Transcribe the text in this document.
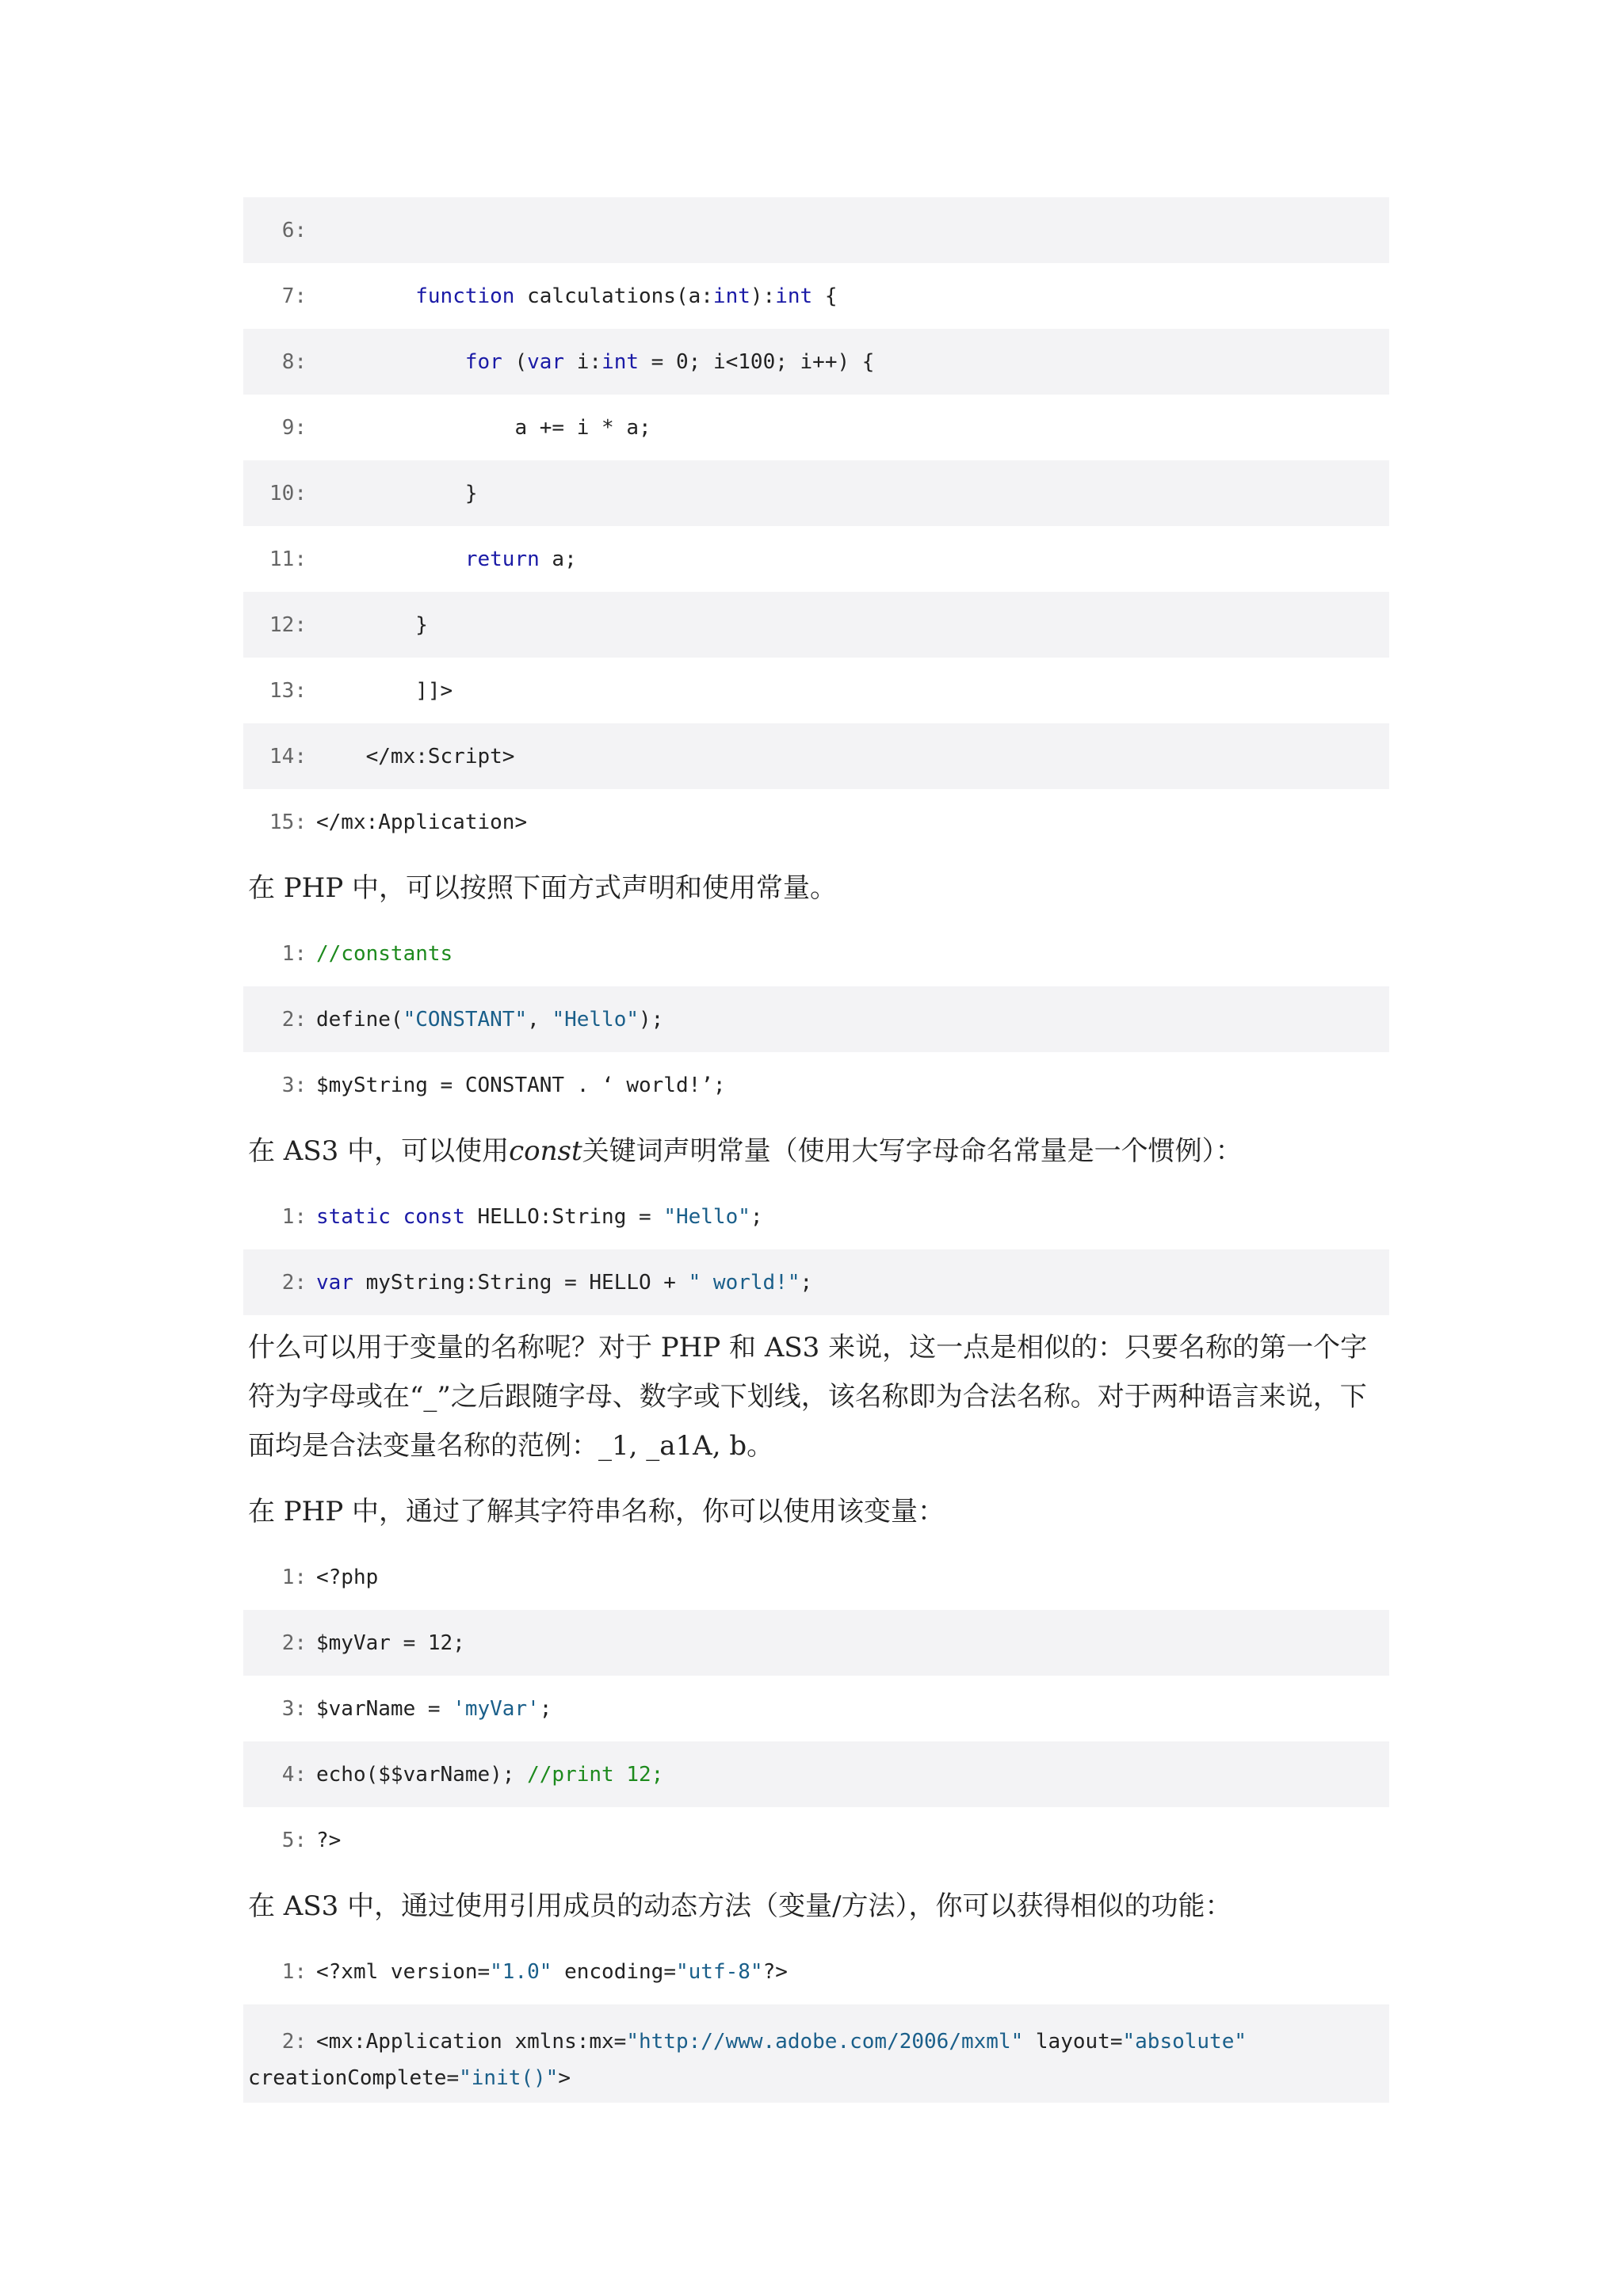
6:
7:	function calculations(a:int):int {
8:	for (var i:int = 0; i<100; i++) {
9: a += i * a;
10: }
11:	return a;
12: }
13: ]]>
14: </mx:Script>
15: </mx:Application>

在 PHP 中，可以按照下面方式声明和使用常量。

1: //constants
2: define("CONSTANT", "Hello");
3: $myString = CONSTANT . ‘ world!’;

在 AS3 中，可以使用 const 关键词声明常量（使用大写字母命名常量是一个惯例）：

1: static const HELLO:String = "Hello";
2: var myString:String = HELLO + " world!";
什么可以用于变量的名称呢？对于 PHP 和 AS3 来说，这一点是相似的：只要名称的第一个字
符为字母或在“_”之后跟随字母、数字或下划线，该名称即为合法名称。对于两种语言来说，下
面均是合法变量名称的范例：_1, _a1A, b。

在 PHP 中，通过了解其字符串名称，你可以使用该变量：

1: <?php
2: $myVar = 12;
3: $varName = 'myVar';
4: echo($$varName); //print 12;
5: ?>

在 AS3 中，通过使用引用成员的动态方法（变量/方法），你可以获得相似的功能：

1: <?xml version="1.0" encoding="utf-8"?>
2: <mx:Application xmlns:mx="http://www.adobe.com/2006/mxml" layout="absolute"
creationComplete= "init()" >
